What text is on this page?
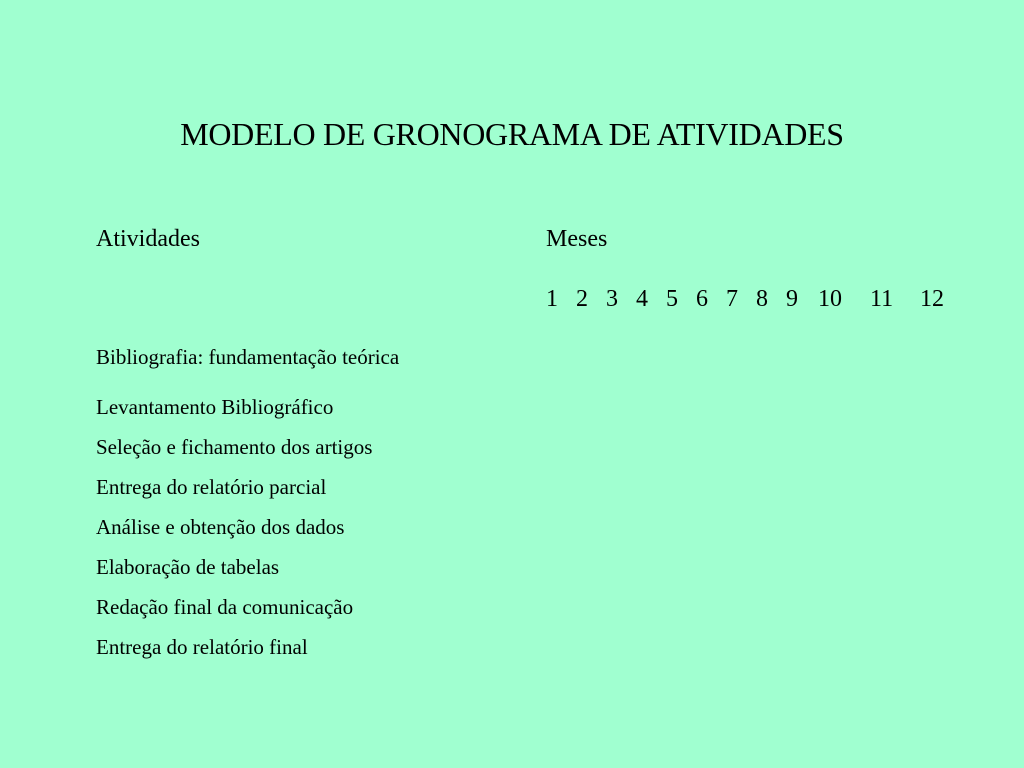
MODELO DE GRONOGRAMA DE ATIVIDADES
Atividades	Meses
1 2 3 4 5 6 7 8 9 10 11 12
Bibliografia: fundamentação teórica
Levantamento Bibliográfico
Seleção e fichamento dos artigos
Entrega do relatório parcial
Análise e obtenção dos dados
Elaboração de tabelas
Redação final da comunicação
Entrega do relatório final
